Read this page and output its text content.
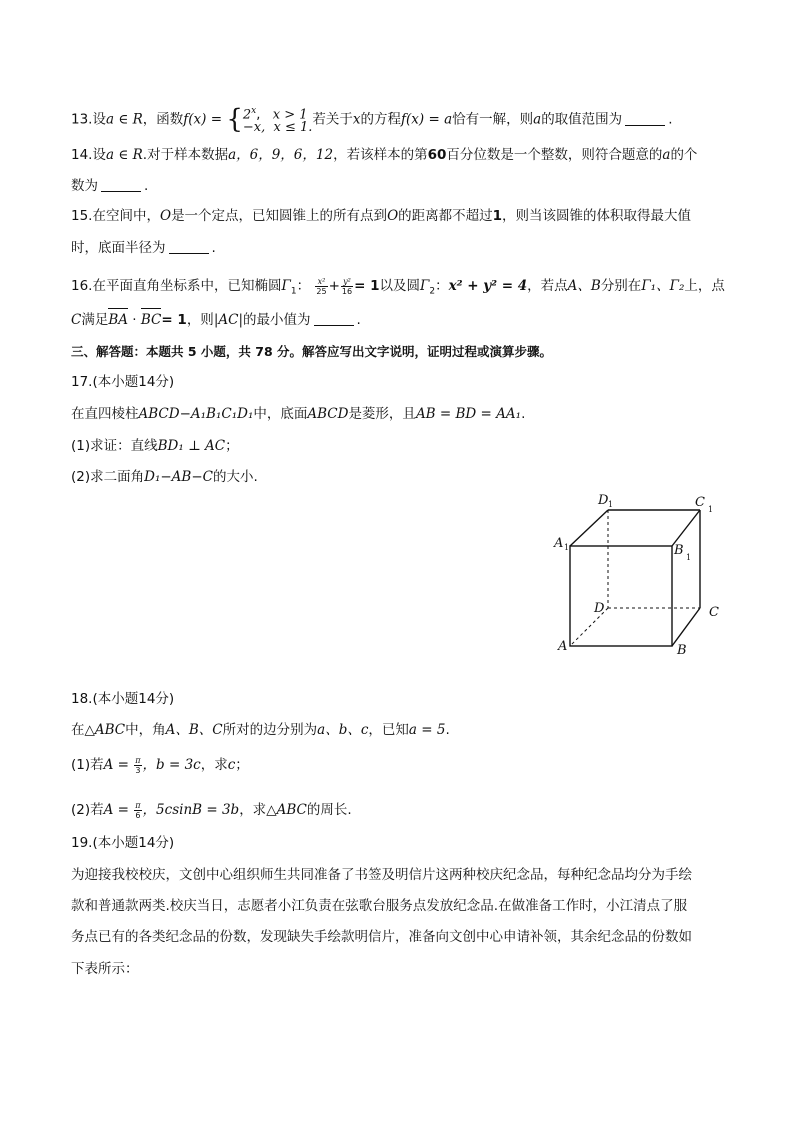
13.设a ∈ R，函数$f(x) = \{2^x$,   x > 1
−x, x ≤ 1.若关于x的方程f(x) = a恰有一解，则a的取值范围为	.
14.设a ∈ R.对于样本数据a，6，9，6，12，若该样本的第60百分位数是一个整数，则符合题意的a的个
数为	.
15.在空间中，O是一个定点，已知圆锥上的所有点到O的距离都不超过1，则当该圆锥的体积取得最大值
时，底面半径为	.
16.在平面直角坐标系中，已知椭圆$\Gamma_1$： $\frac{\text{x²}}{25} + \frac{\text{y²}}{16} = 1$以及圆$\Gamma_2$：x² + y² = 4，若点A、B分别在Γ₁、Γ₂上，点
C满足BA · BC= 1，则|AC|的最小值为	.
三、解答题：本题共 5 小题，共 78 分。解答应写出文字说明，证明过程或演算步骤。
17.(本小题14分)
在直四棱柱ABCD−A₁B₁C₁D₁中，底面ABCD是菱形，且AB = BD = AA₁.
(1)求证：直线BD₁ ⊥ AC；
(2)求二面角D₁−AB−C的大小.
D 1	C 1
A 1	B 1
D	C
A	B
18.(本小题14分)
在△ABC中，角A、B、C所对的边分别为a、b、c，已知a = 5.
(1)若$A = \frac{\pi}{3}$ ，b = 3c，求c；
(2)若$A = \frac{\pi}{6}$ ，5csinB = 3b，求△ABC的周长.
19.(本小题14分)
为迎接我校校庆，文创中心组织师生共同准备了书签及明信片这两种校庆纪念品，每种纪念品均分为手绘
款和普通款两类.校庆当日，志愿者小江负责在弦歌台服务点发放纪念品.在做准备工作时，小江清点了服
务点已有的各类纪念品的份数，发现缺失手绘款明信片，准备向文创中心申请补领，其余纪念品的份数如
下表所示：
